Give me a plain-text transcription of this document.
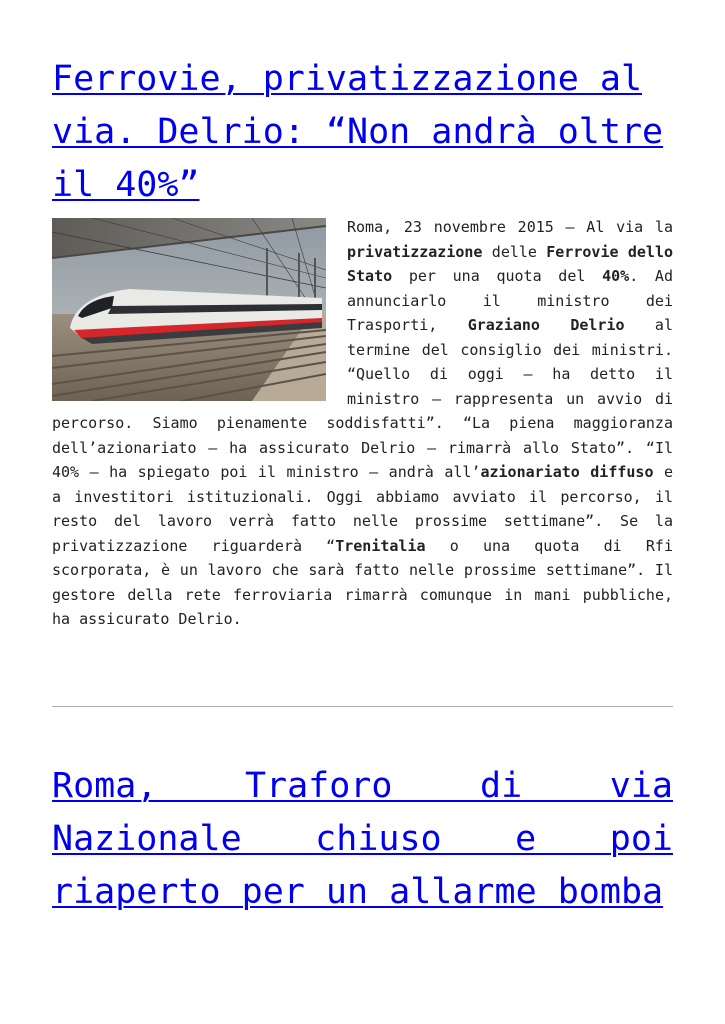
Ferrovie, privatizzazione al via. Delrio: “Non andrà oltre il 40%”
Roma, 23 novembre 2015 – Al via la privatizzazione delle Ferrovie dello Stato per una quota del 40%. Ad annunciarlo il ministro dei Trasporti, Graziano Delrio al termine del consiglio dei ministri. “Quello di oggi – ha detto il ministro – rappresenta un avvio di percorso. Siamo pienamente soddisfatti”. “La piena maggioranza dell’azionariato – ha assicurato Delrio – rimarrà allo Stato”. “Il 40% – ha spiegato poi il ministro – andrà all’azionariato diffuso e a investitori istituzionali. Oggi abbiamo avviato il percorso, il resto del lavoro verrà fatto nelle prossime settimane”. Se la privatizzazione riguarderà “Trenitalia o una quota di Rfi scorporata, è un lavoro che sarà fatto nelle prossime settimane”. Il gestore della rete ferroviaria rimarrà comunque in mani pubbliche, ha assicurato Delrio.
Roma, Traforo di via Nazionale chiuso e poi riaperto per un allarme bomba
